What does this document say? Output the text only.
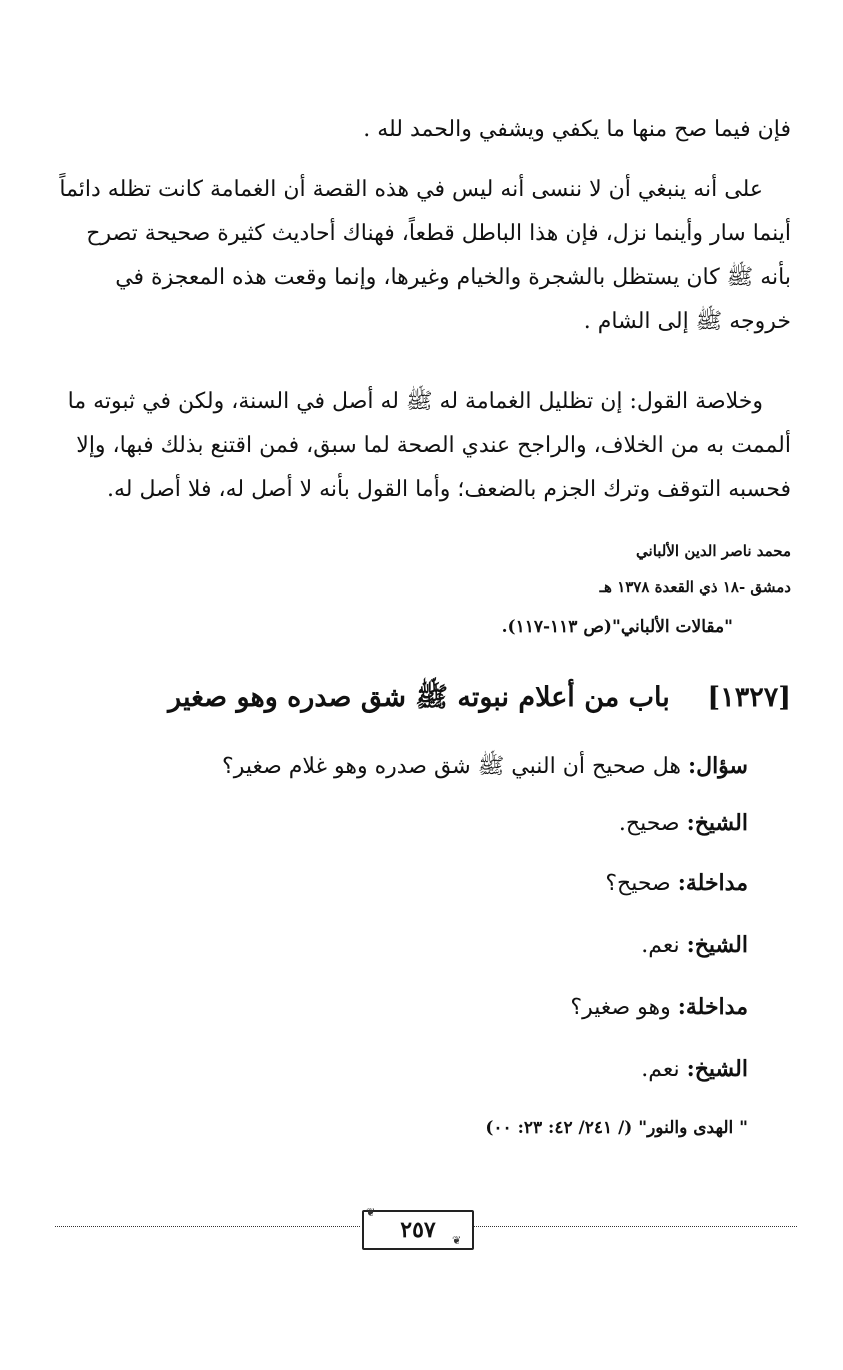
فإن فيما صح منها ما يكفي ويشفي والحمد لله .

على أنه ينبغي أن لا ننسى أنه ليس في هذه القصة أن الغمامة كانت تظله دائماً
أينما سار وأينما نزل، فإن هذا الباطل قطعاً، فهناك أحاديث كثيرة صحيحة تصرح
بأنه ﷺ كان يستظل بالشجرة والخيام وغيرها، وإنما وقعت هذه المعجزة في
خروجه ﷺ إلى الشام .

وخلاصة القول: إن تظليل الغمامة له ﷺ له أصل في السنة، ولكن في ثبوته ما
ألممت به من الخلاف، والراجح عندي الصحة لما سبق، فمن اقتنع بذلك فبها، وإلا
فحسبه التوقف وترك الجزم بالضعف؛ وأما القول بأنه لا أصل له، فلا أصل له.

محمد ناصر الدين الألباني

دمشق -١٨ ذي القعدة ١٣٧٨ هـ

"مقالات الألباني"(ص ١١٣-١١٧).

[١٣٢٧]    باب من أعلام نبوته ﷺ شق صدره وهو صغير

سؤال: هل صحيح أن النبي ﷺ شق صدره وهو غلام صغير؟

الشيخ: صحيح.

مداخلة: صحيح؟

الشيخ: نعم.

مداخلة: وهو صغير؟

الشيخ: نعم.

" الهدى والنور" (/ ٢٤١/ ٤٢: ٢٣: ٠٠)

٢٥٧
❦
❦
